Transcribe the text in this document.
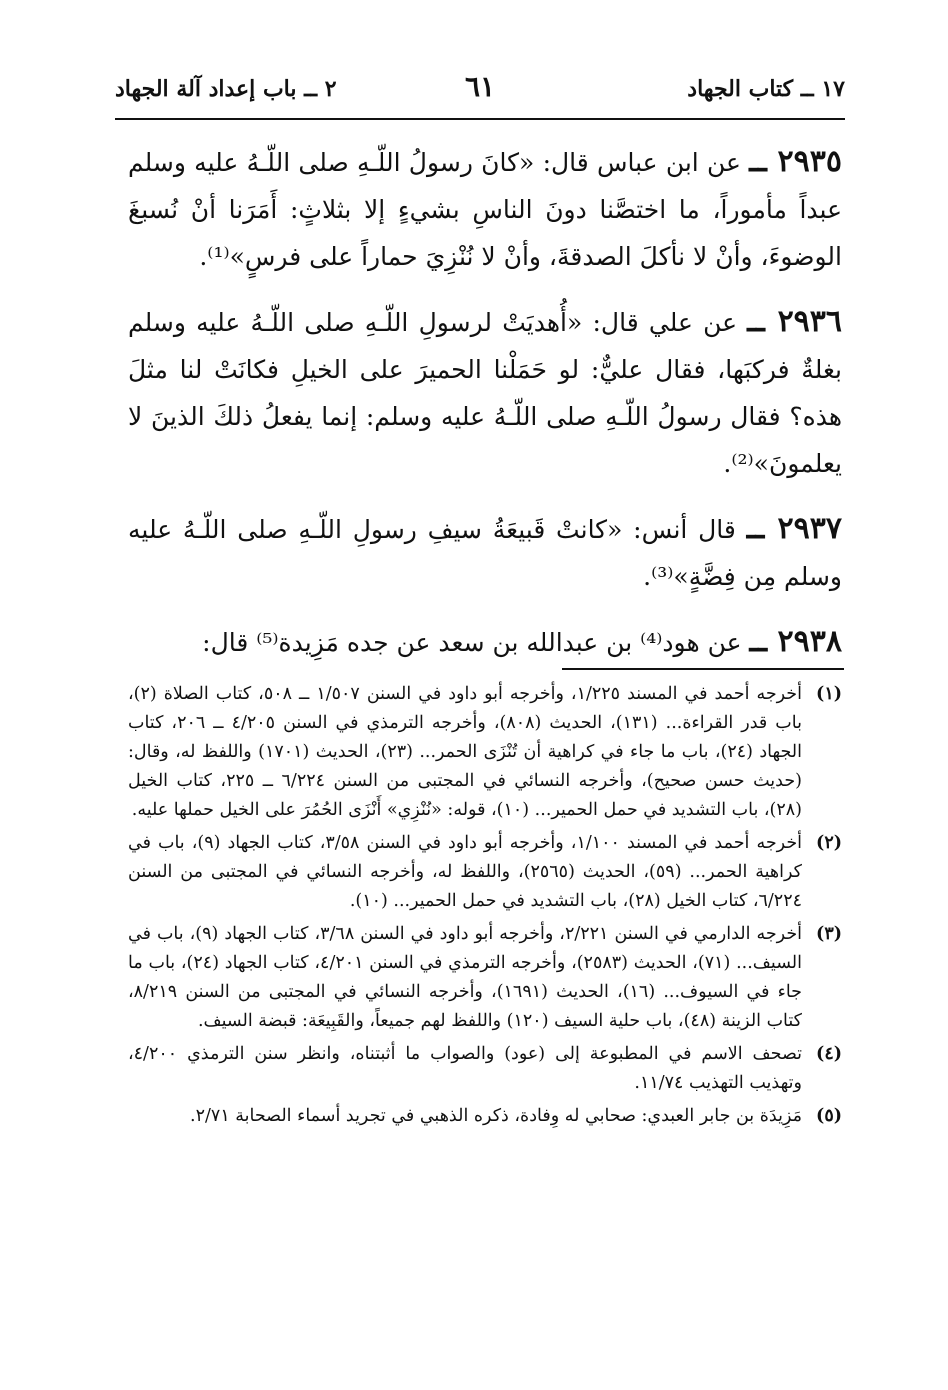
١٧ ــ كتاب الجهاد
٦١
٢ ــ باب إعداد آلة الجهاد

٢٩٣٥ ــ عن ابن عباس قال: «كانَ رسولُ اللّـهِ صلى اللّـهُ عليه وسلم عبداً مأموراً، ما اختصَّنا دونَ الناسِ بشيءٍ إلا بثلاثٍ: أَمَرَنا أنْ نُسبغَ الوضوءَ، وأنْ لا نأكلَ الصدقةَ، وأنْ لا نُنْزِيَ حماراً على فرسٍ»⁽¹⁾.

٢٩٣٦ ــ عن علي قال: «أُهديَتْ لرسولِ اللّـهِ صلى اللّـهُ عليه وسلم بغلةٌ فركبَها، فقال عليٌّ: لو حَمَلْنا الحميرَ على الخيلِ فكانَتْ لنا مثلَ هذه؟ فقال رسولُ اللّـهِ صلى اللّـهُ عليه وسلم: إنما يفعلُ ذلكَ الذينَ لا يعلمونَ»⁽²⁾.

٢٩٣٧ ــ قال أنس: «كانتْ قَبيعَةُ سيفِ رسولِ اللّـهِ صلى اللّـهُ عليه وسلم مِن فِضَّةٍ»⁽³⁾.

٢٩٣٨ ــ عن هود⁽⁴⁾ بن عبدالله بن سعد عن جده مَزِيدة⁽⁵⁾ قال:

(١)
أخرجه أحمد في المسند ١/٢٢٥، وأخرجه أبو داود في السنن ١/٥٠٧ ــ ٥٠٨، كتاب الصلاة (٢)، باب قدر القراءة... (١٣١)، الحديث (٨٠٨)، وأخرجه الترمذي في السنن ٤/٢٠٥ ــ ٢٠٦، كتاب الجهاد (٢٤)، باب ما جاء في كراهية أن تُنْزَى الحمر... (٢٣)، الحديث (١٧٠١) واللفظ له، وقال: (حديث حسن صحيح)، وأخرجه النسائي في المجتبى من السنن ٦/٢٢٤ ــ ٢٢٥، كتاب الخيل (٢٨)، باب التشديد في حمل الحمير... (١٠)، قوله: «نُنْزِي» أَنْزَى الحُمُرَ على الخيل حملها عليه.
(٢)
أخرجه أحمد في المسند ١/١٠٠، وأخرجه أبو داود في السنن ٣/٥٨، كتاب الجهاد (٩)، باب في كراهية الحمر... (٥٩)، الحديث (٢٥٦٥)، واللفظ له، وأخرجه النسائي في المجتبى من السنن ٦/٢٢٤، كتاب الخيل (٢٨)، باب التشديد في حمل الحمير... (١٠).
(٣)
أخرجه الدارمي في السنن ٢/٢٢١، وأخرجه أبو داود في السنن ٣/٦٨، كتاب الجهاد (٩)، باب في السيف... (٧١)، الحديث (٢٥٨٣)، وأخرجه الترمذي في السنن ٤/٢٠١، كتاب الجهاد (٢٤)، باب ما جاء في السيوف... (١٦)، الحديث (١٦٩١)، وأخرجه النسائي في المجتبى من السنن ٨/٢١٩، كتاب الزينة (٤٨)، باب حلية السيف (١٢٠) واللفظ لهم جميعاً، والقَبِيعَة: قبضة السيف.
(٤)
تصحف الاسم في المطبوعة إلى (عود) والصواب ما أثبتناه، وانظر سنن الترمذي ٤/٢٠٠، وتهذيب التهذيب ١١/٧٤.
(٥)
مَزِيدَة بن جابر العبدي: صحابي له وِفادة، ذكره الذهبي في تجريد أسماء الصحابة ٢/٧١.
